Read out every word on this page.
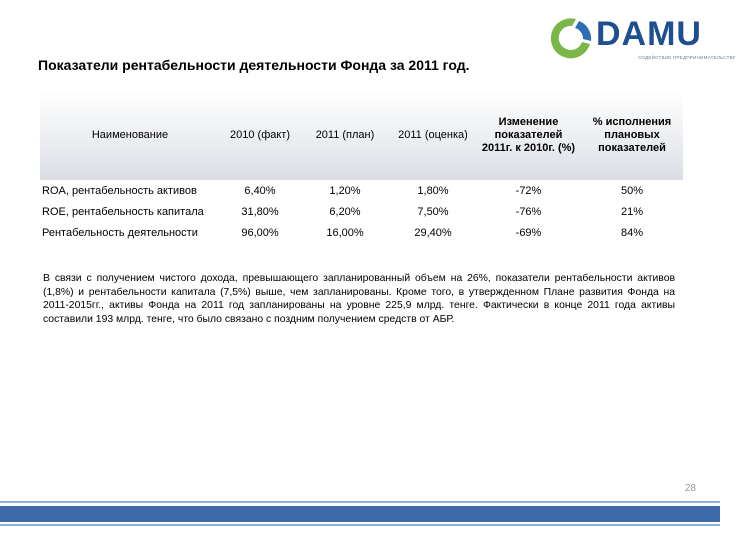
DAMU
СОДЕЙСТВИЕ ПРЕДПРИНИМАТЕЛЬСТВУ
Показатели рентабельности деятельности Фонда за 2011 год.
Наименование	2010 (факт)	2011 (план)	2011 (оценка)	Изменение показателей 2011г. к 2010г. (%)	% исполнения плановых показателей
ROA, рентабельность активов	6,40%	1,20%	1,80%	-72%	50%
ROE, рентабельность капитала	31,80%	6,20%	7,50%	-76%	21%
Рентабельность деятельности	96,00%	16,00%	29,40%	-69%	84%
В связи с получением чистого дохода, превышающего запланированный объем на 26%, показатели рентабельности активов (1,8%) и рентабельности капитала (7,5%) выше, чем запланированы. Кроме того, в утвержденном Плане развития Фонда на 2011-2015гг., активы Фонда на 2011 год запланированы на уровне 225,9 млрд. тенге. Фактически в конце 2011 года активы составили 193 млрд. тенге, что было связано с поздним получением средств от АБР.
28
